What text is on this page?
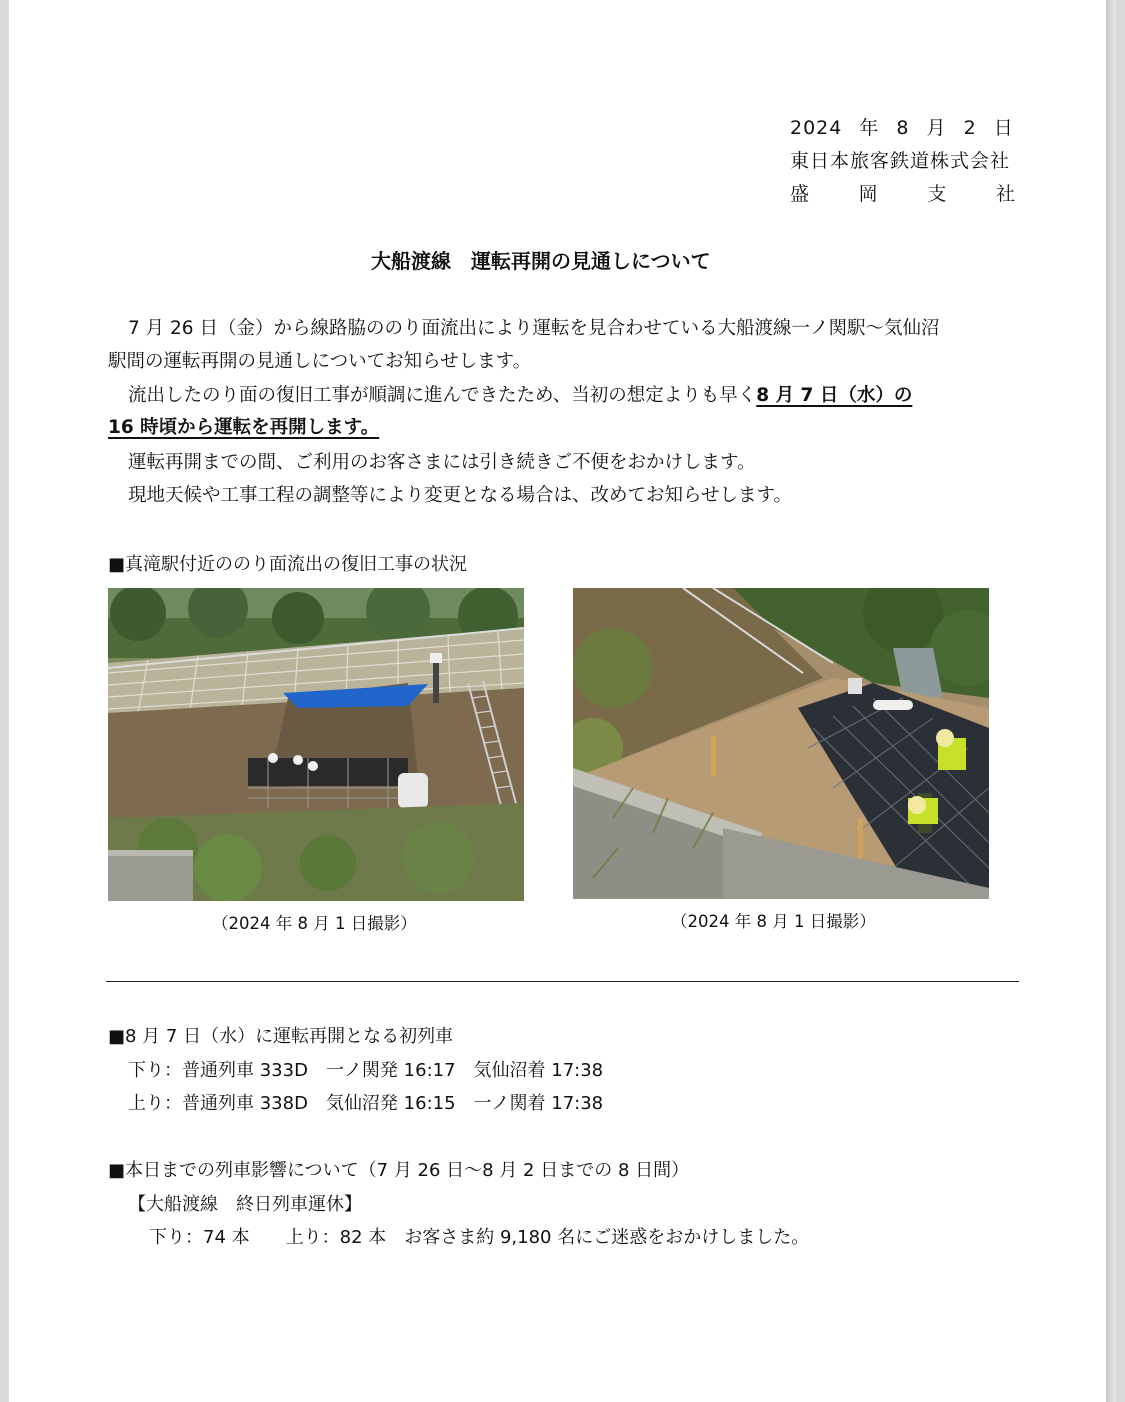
2024 年 8 月 2 日
東日本旅客鉄道株式会社
盛	岡	支	社
大船渡線　運転再開の見通しについて
7 月 26 日（金）から線路脇ののり面流出により運転を見合わせている大船渡線一ノ関駅～気仙沼
駅間の運転再開の見通しについてお知らせします。
流出したのり面の復旧工事が順調に進んできたため、当初の想定よりも早く8 月 7 日（水）の
16 時頃から運転を再開します。
運転再開までの間、ご利用のお客さまには引き続きご不便をおかけします。
現地天候や工事工程の調整等により変更となる場合は、改めてお知らせします。
■真滝駅付近ののり面流出の復旧工事の状況
（2024 年 8 月 1 日撮影）	（2024 年 8 月 1 日撮影）
■8 月 7 日（水）に運転再開となる初列車
下り：普通列車 333D　一ノ関発 16:17　気仙沼着 17:38
上り：普通列車 338D　気仙沼発 16:15　一ノ関着 17:38
■本日までの列車影響について（7 月 26 日～8 月 2 日までの 8 日間）
【大船渡線　終日列車運休】
下り：74 本　　上り：82 本　お客さま約 9,180 名にご迷惑をおかけしました。
